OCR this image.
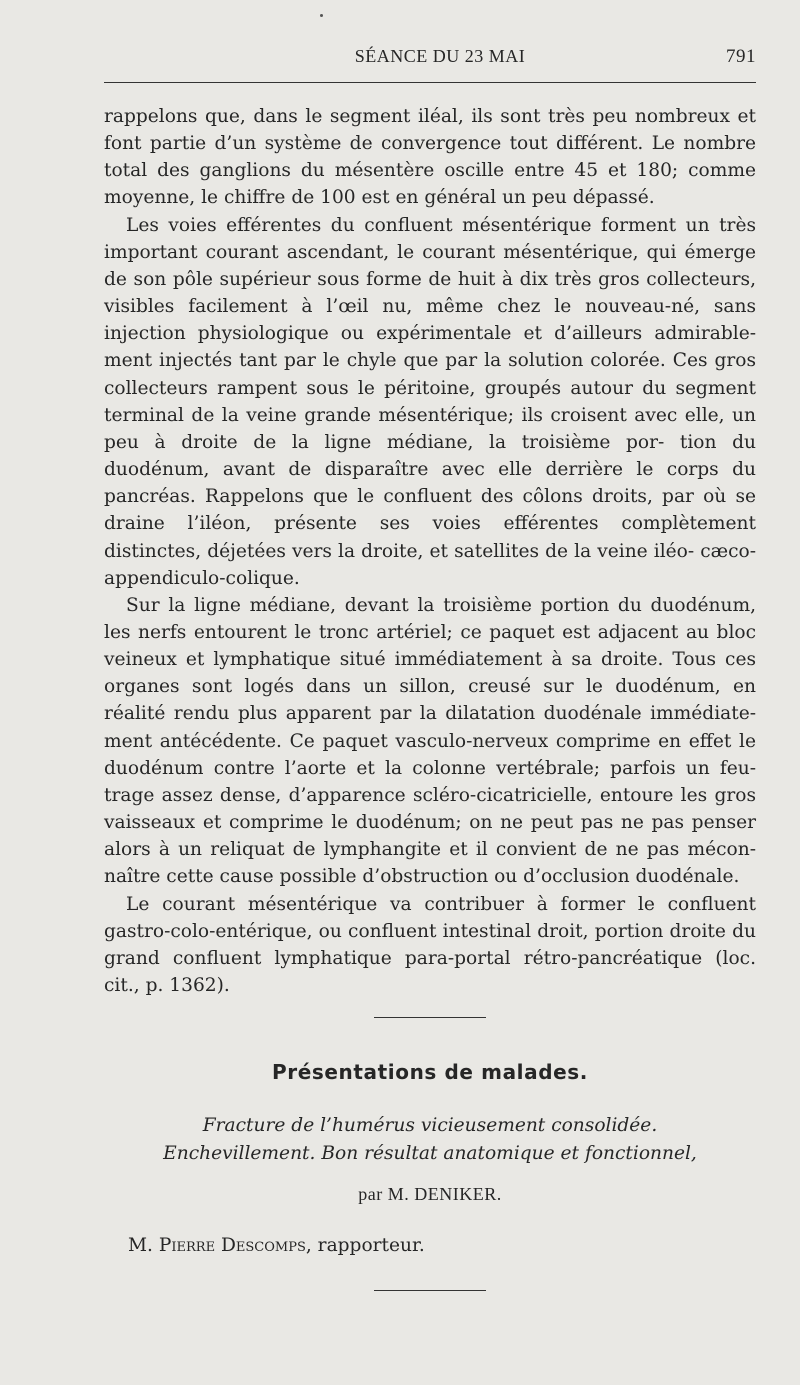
SÉANCE DU 23 MAI	791

rappelons que, dans le segment iléal, ils sont très peu nombreux et font partie d’un système de convergence tout différent. Le nombre total des ganglions du mésentère oscille entre 45 et 180; comme moyenne, le chiffre de 100 est en général un peu dépassé.

Les voies efférentes du confluent mésentérique forment un très important courant ascendant, le courant mésentérique, qui émerge de son pôle supérieur sous forme de huit à dix très gros collecteurs, visibles facilement à l’œil nu, même chez le nouveau-né, sans injection physiologique ou expérimentale et d’ailleurs admirable- ment injectés tant par le chyle que par la solution colorée. Ces gros collecteurs rampent sous le péritoine, groupés autour du segment terminal de la veine grande mésentérique; ils croisent avec elle, un peu à droite de la ligne médiane, la troisième por- tion du duodénum, avant de disparaître avec elle derrière le corps du pancréas. Rappelons que le confluent des côlons droits, par où se draine l’iléon, présente ses voies efférentes complètement distinctes, déjetées vers la droite, et satellites de la veine iléo- cæco-appendiculo-colique.

Sur la ligne médiane, devant la troisième portion du duodénum, les nerfs entourent le tronc artériel; ce paquet est adjacent au bloc veineux et lymphatique situé immédiatement à sa droite. Tous ces organes sont logés dans un sillon, creusé sur le duodénum, en réalité rendu plus apparent par la dilatation duodénale immédiate- ment antécédente. Ce paquet vasculo-nerveux comprime en effet le duodénum contre l’aorte et la colonne vertébrale; parfois un feu- trage assez dense, d’apparence scléro-cicatricielle, entoure les gros vaisseaux et comprime le duodénum; on ne peut pas ne pas penser alors à un reliquat de lymphangite et il convient de ne pas mécon- naître cette cause possible d’obstruction ou d’occlusion duodénale.

Le courant mésentérique va contribuer à former le confluent gastro-colo-entérique, ou confluent intestinal droit, portion droite du grand confluent lymphatique para-portal rétro-pancréatique (loc. cit., p. 1362).

Présentations de malades.
Fracture de l’humérus vicieusement consolidée.
Enchevillement. Bon résultat anatomique et fonctionnel,
par M. DENIKER.
M. Pierre Descomps, rapporteur.
